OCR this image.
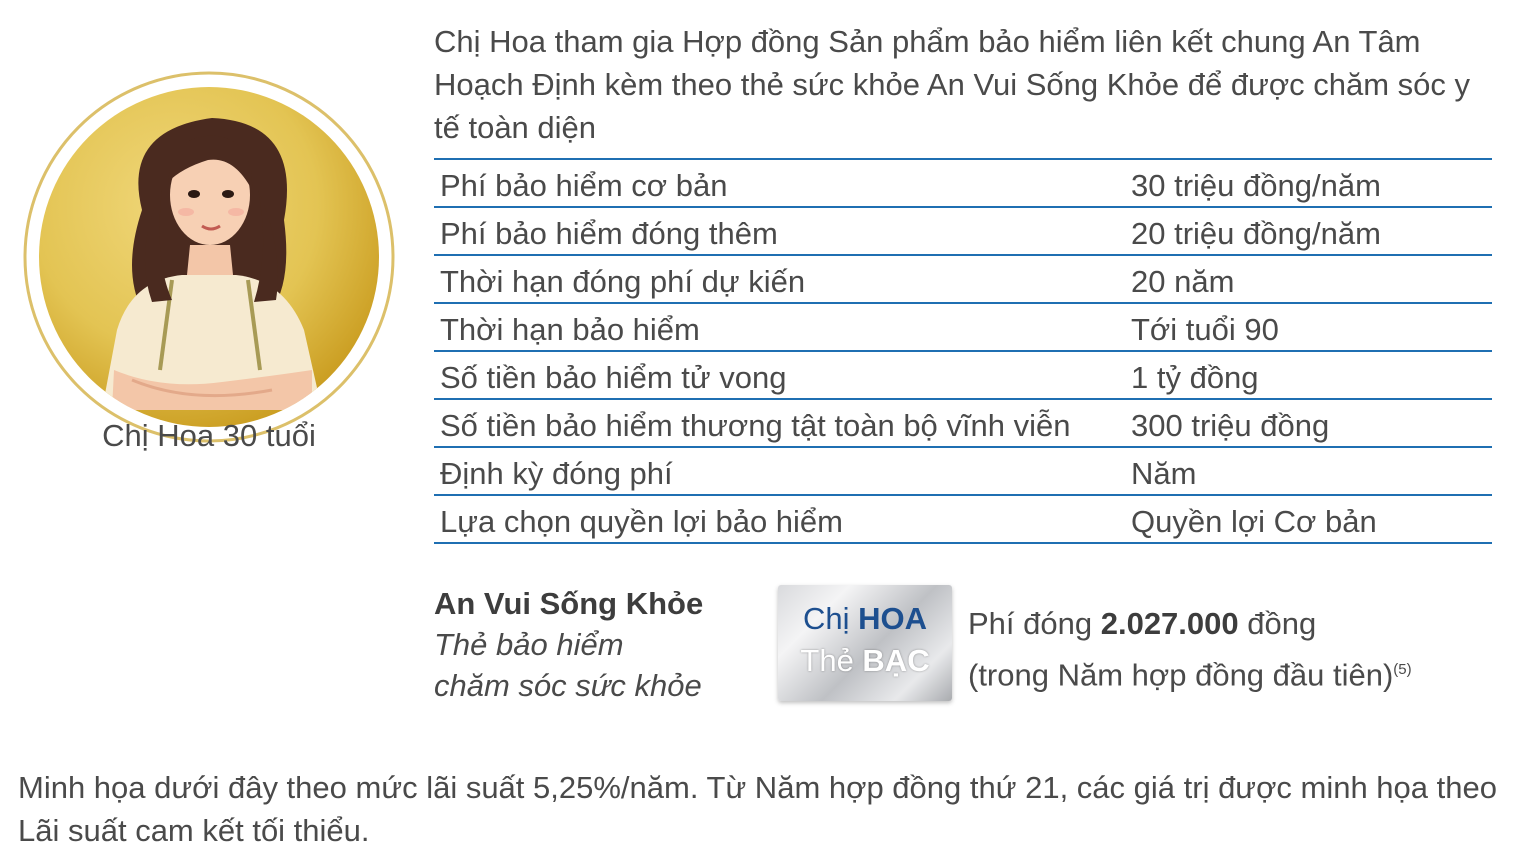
Chị Hoa 30 tuổi
Chị Hoa tham gia Hợp đồng Sản phẩm bảo hiểm liên kết chung An Tâm Hoạch Định kèm theo thẻ sức khỏe An Vui Sống Khỏe để được chăm sóc y tế toàn diện
Phí bảo hiểm cơ bản	30 triệu đồng/năm
Phí bảo hiểm đóng thêm	20 triệu đồng/năm
Thời hạn đóng phí dự kiến	20 năm
Thời hạn bảo hiểm	Tới tuổi 90
Số tiền bảo hiểm tử vong	1 tỷ đồng
Số tiền bảo hiểm thương tật toàn bộ vĩnh viễn	300 triệu đồng
Định kỳ đóng phí	Năm
Lựa chọn quyền lợi bảo hiểm	Quyền lợi Cơ bản
An Vui Sống Khỏe
Thẻ bảo hiểm
chăm sóc sức khỏe
Chị HOA
Thẻ BẠC
Phí đóng 2.027.000 đồng
(trong Năm hợp đồng đầu tiên)$^{(5)}$
Minh họa dưới đây theo mức lãi suất 5,25%/năm. Từ Năm hợp đồng thứ 21, các giá trị được minh họa theo Lãi suất cam kết tối thiểu.
